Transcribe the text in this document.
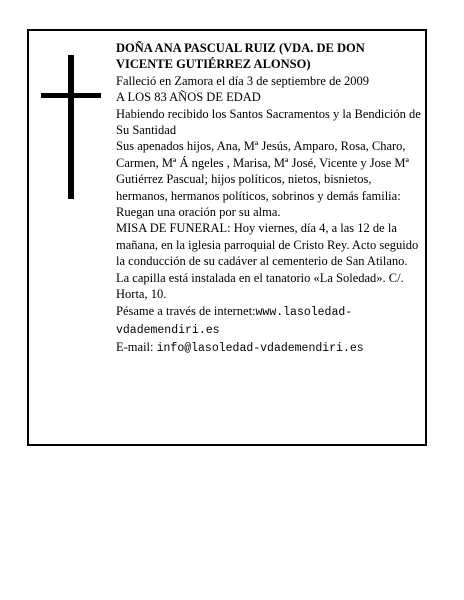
DOÑA ANA PASCUAL RUIZ (VDA. DE DON VICENTE GUTIÉRREZ ALONSO)

Falleció en Zamora el día 3 de septiembre de 2009

A LOS 83 AÑOS DE EDAD

Habiendo recibido los Santos Sacramentos y la Bendición de Su Santidad

Sus apenados hijos, Ana, Mª Jesús, Amparo, Rosa, Charo, Carmen, Mª Á ngeles , Marisa, Mª José, Vicente y Jose Mª Gutiérrez Pascual; hijos políticos, nietos, bisnietos, hermanos, hermanos políticos, sobrinos y demás familia:

Ruegan una oración por su alma.

MISA DE FUNERAL: Hoy viernes, día 4, a las 12 de la mañana, en la iglesia parroquial de Cristo Rey. Acto seguido la conducción de su cadáver al cementerio de San Atilano.

La capilla está instalada en el tanatorio «La Soledad». C/. Horta, 10.

Pésame a través de internet:www.lasoledad-vdademendiri.es

E-mail: info@lasoledad-vdademendiri.es
